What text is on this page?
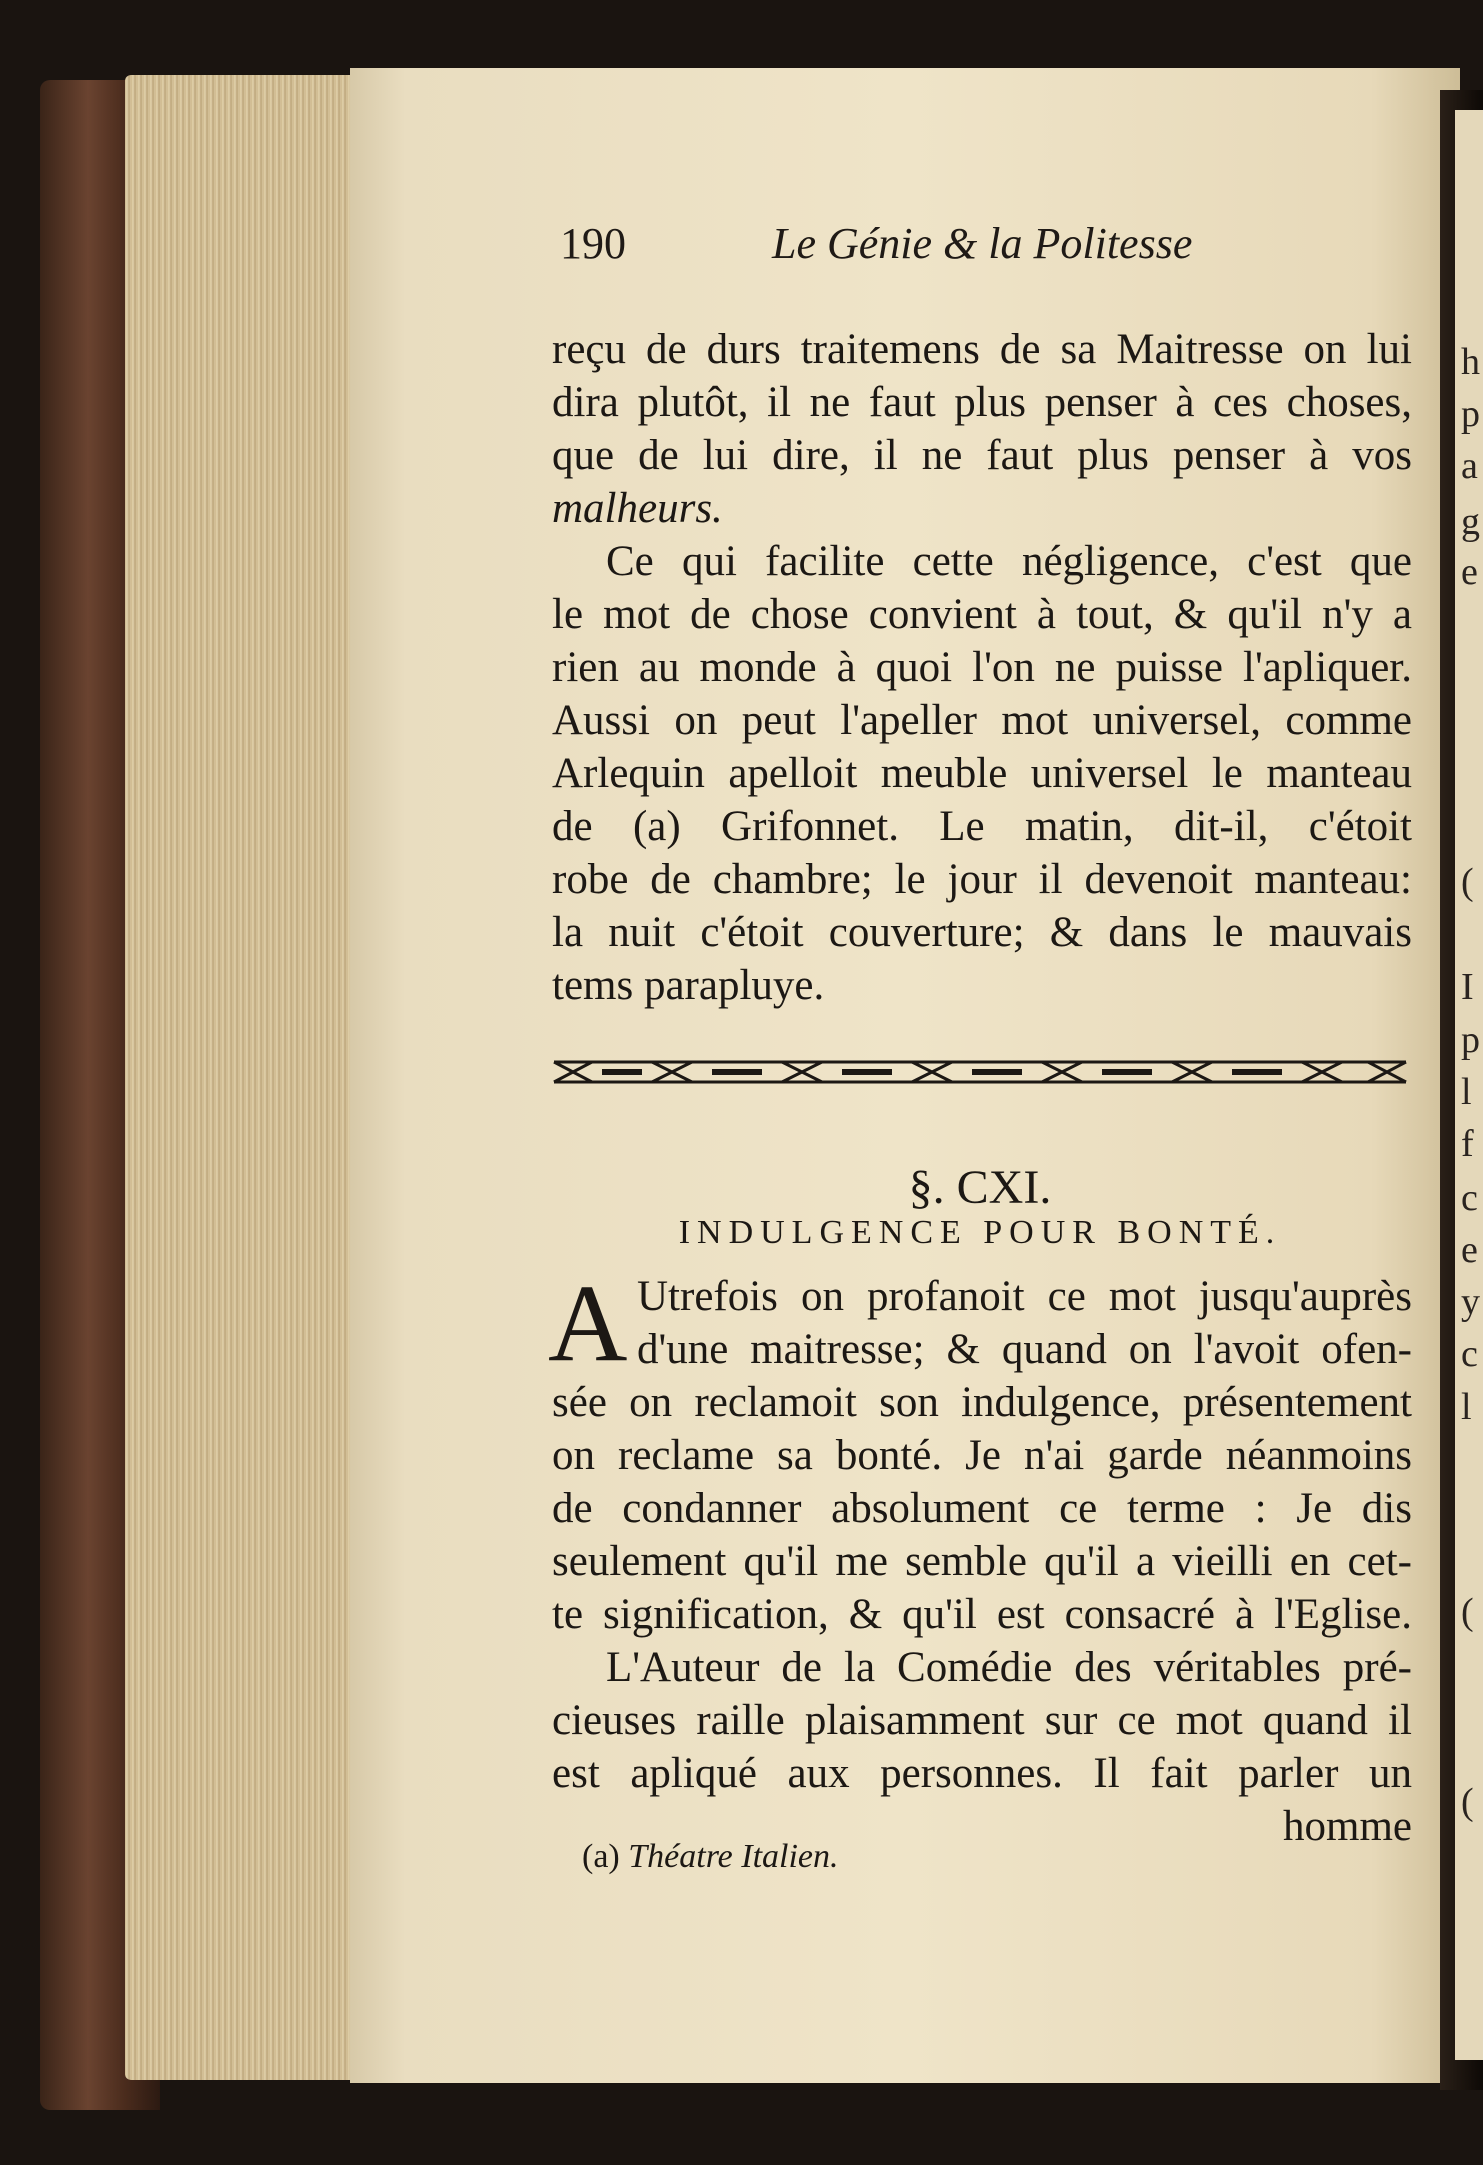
h
p
a
g
e
(
I
p
l
f
c
e
y
c
l
(
(
190	Le Génie & la Politesse
reçu de durs traitemens de sa Maitresse on lui
dira plutôt, il ne faut plus penser à ces choses,
que de lui dire, il ne faut plus penser à vos
malheurs.
Ce qui facilite cette négligence, c'est que
le mot de chose convient à tout, & qu'il n'y a
rien au monde à quoi l'on ne puisse l'apliquer.
Aussi on peut l'apeller mot universel, comme
Arlequin apelloit meuble universel le manteau
de (a) Grifonnet. Le matin, dit-il, c'étoit
robe de chambre; le jour il devenoit manteau:
la nuit c'étoit couverture; & dans le mauvais
tems parapluye.
§. CXI.
INDULGENCE POUR BONTÉ.
A Utrefois on profanoit ce mot jusqu'auprès
d'une maitresse; & quand on l'avoit ofen-
sée on reclamoit son indulgence, présentement
on reclame sa bonté. Je n'ai garde néanmoins
de condanner absolument ce terme : Je dis
seulement qu'il me semble qu'il a vieilli en cet-
te signification, & qu'il est consacré à l'Eglise.
L'Auteur de la Comédie des véritables pré-
cieuses raille plaisamment sur ce mot quand il
est apliqué aux personnes. Il fait parler un
homme
(a) Théatre Italien.
